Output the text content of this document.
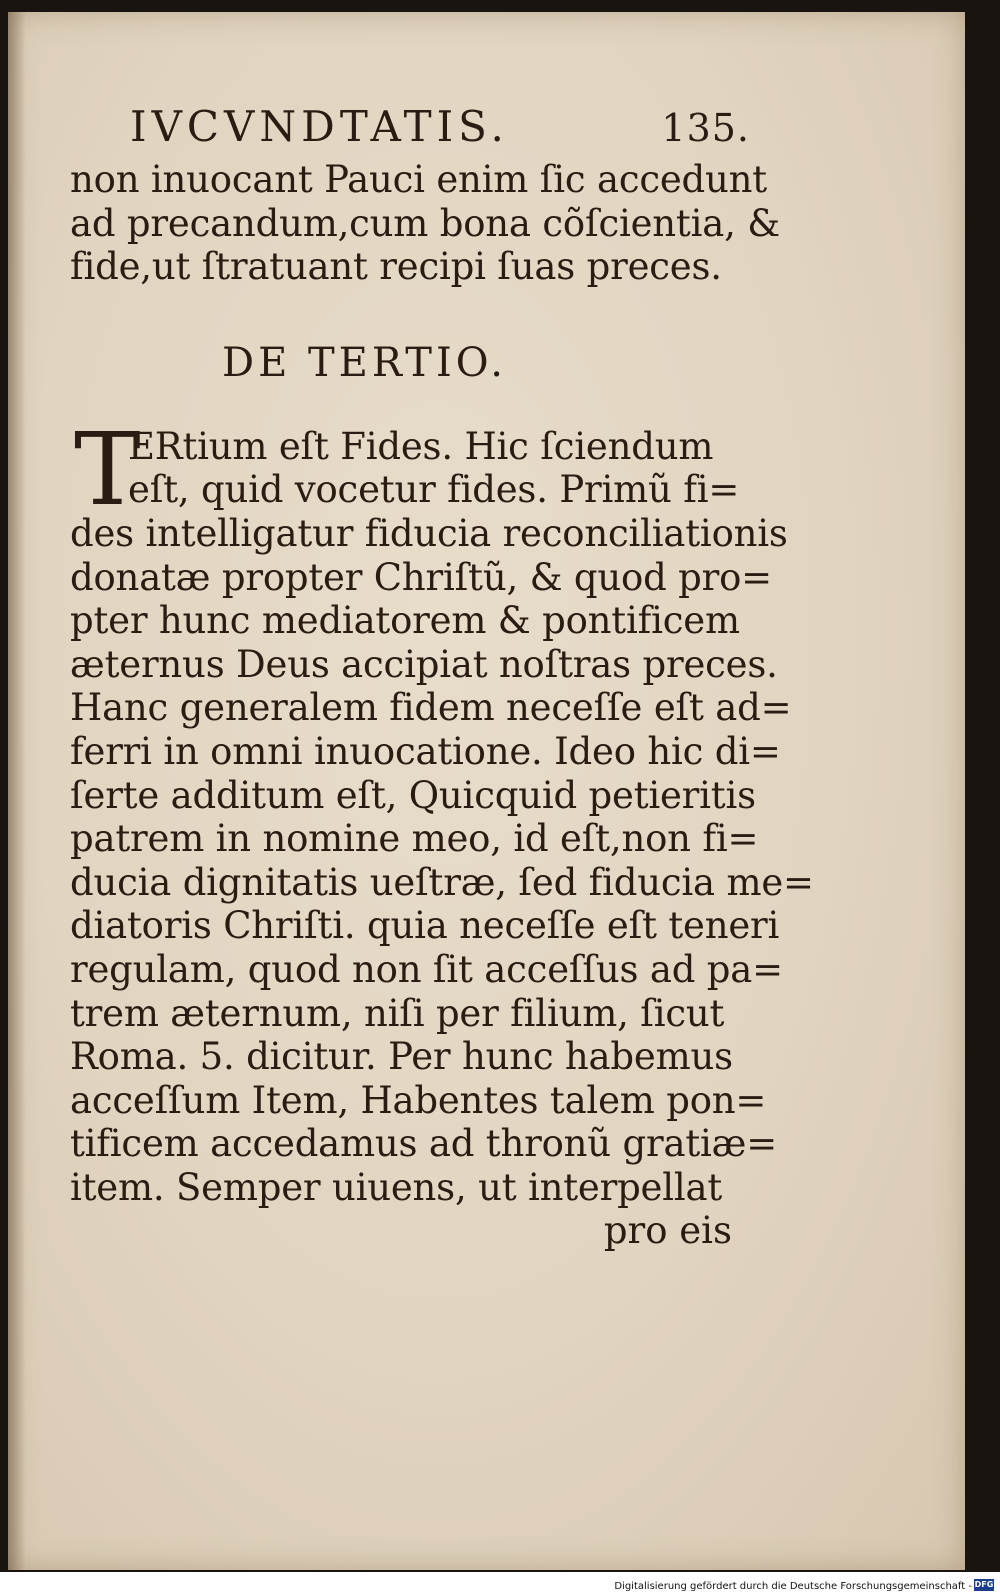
IVCVNDTATIS.	135.
non inuocant Pauci enim ſic accedunt
ad precandum,cum bona cõſcientia, &
fide,ut ſtratuant recipi ſuas preces.
DE TERTIO.
T
ERtium eſt Fides. Hic ſciendum
eſt, quid vocetur fides. Primũ fi=
des intelligatur fiducia reconciliationis
donatæ propter Chriſtũ, & quod pro=
pter hunc mediatorem & pontificem
æternus Deus accipiat noſtras preces.
Hanc generalem fidem neceſſe eſt ad=
ferri in omni inuocatione. Ideo hic di=
ſerte additum eſt, Quicquid petieritis
patrem in nomine meo, id eſt,non fi=
ducia dignitatis ueſtræ, ſed fiducia me=
diatoris Chriſti. quia neceſſe eſt teneri
regulam, quod non ſit acceſſus ad pa=
trem æternum, niſi per filium, ſicut
Roma. 5. dicitur. Per hunc habemus
acceſſum Item, Habentes talem pon=
tificem accedamus ad thronũ gratiæ=
item. Semper uiuens, ut interpellat
pro eis
Digitalisierung gefördert durch die Deutsche Forschungsgemeinschaft - DFG
